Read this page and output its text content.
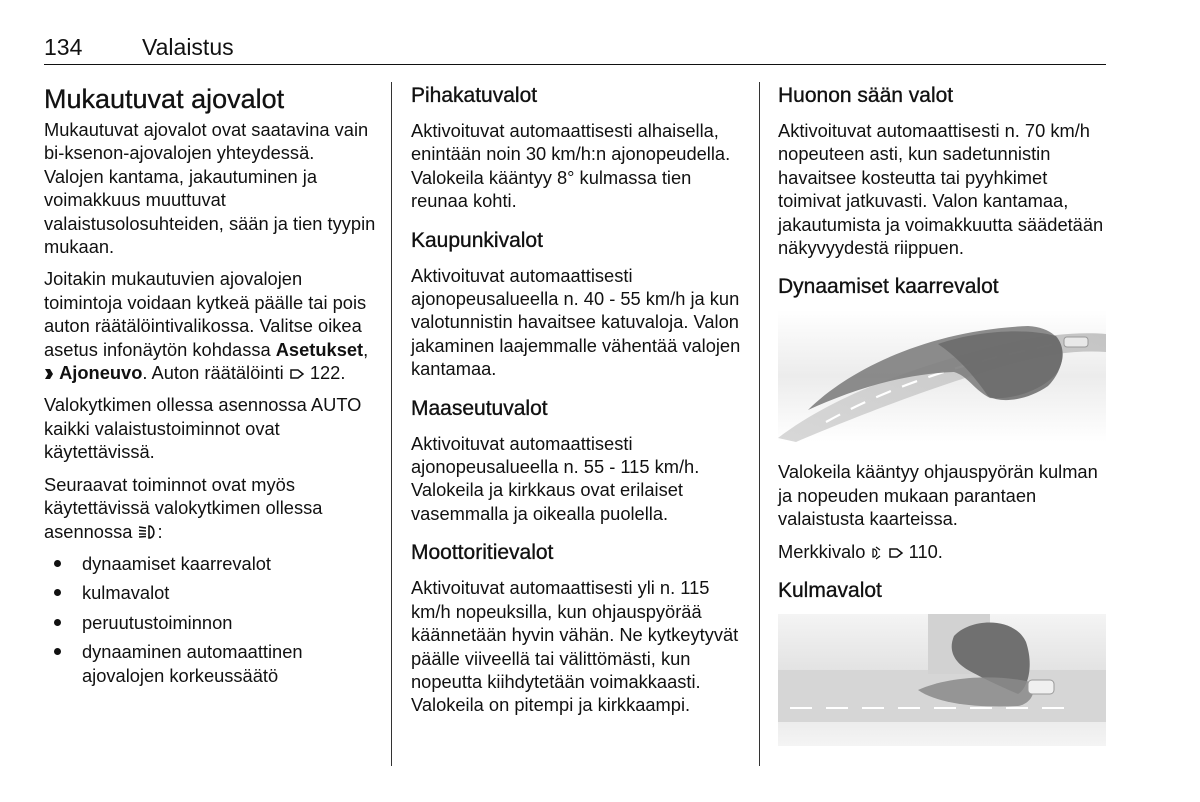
134	Valaistus
Mukautuvat ajovalot

Mukautuvat ajovalot ovat saatavina vain bi-ksenon-ajovalojen yhteydessä. Valojen kantama, jakautuminen ja voimakkuus muuttuvat valaistusolosuhteiden, sään ja tien tyypin mukaan.

Joitakin mukautuvien ajovalojen toimintoja voidaan kytkeä päälle tai pois auton räätälöintivalikossa. Valitse oikea asetus infonäytön kohdassa Asetukset,  Ajoneuvo. Auton räätälöinti  122.

Valokytkimen ollessa asennossa AUTO kaikki valaistustoiminnot ovat käytettävissä.

Seuraavat toiminnot ovat myös käytettävissä valokytkimen ollessa asennossa :

dynaamiset kaarrevalot
kulmavalot
peruutustoiminnon
dynaaminen automaattinen ajovalojen korkeussäätö
Pihakatuvalot

Aktivoituvat automaattisesti alhaisella, enintään noin 30 km/h:n ajonopeudella. Valokeila kääntyy 8° kulmassa tien reunaa kohti.

Kaupunkivalot

Aktivoituvat automaattisesti ajonopeusalueella n. 40 - 55 km/h ja kun valotunnistin havaitsee katuvaloja. Valon jakaminen laajemmalle vähentää valojen kantamaa.

Maaseutuvalot

Aktivoituvat automaattisesti ajonopeusalueella n. 55 - 115 km/h. Valokeila ja kirkkaus ovat erilaiset vasemmalla ja oikealla puolella.

Moottoritievalot

Aktivoituvat automaattisesti yli n. 115 km/h nopeuksilla, kun ohjauspyörää käännetään hyvin vähän. Ne kytkeytyvät päälle viiveellä tai välittömästi, kun nopeutta kiihdytetään voimakkaasti. Valokeila on pitempi ja kirkkaampi.

Huonon sään valot

Aktivoituvat automaattisesti n. 70 km/h nopeuteen asti, kun sadetunnistin havaitsee kosteutta tai pyyhkimet toimivat jatkuvasti. Valon kantamaa, jakautumista ja voimakkuutta säädetään näkyvyydestä riippuen.

Dynaamiset kaarrevalot

Valokeila kääntyy ohjauspyörän kulman ja nopeuden mukaan parantaen valaistusta kaarteissa.

Merkkivalo   110.

Kulmavalot
